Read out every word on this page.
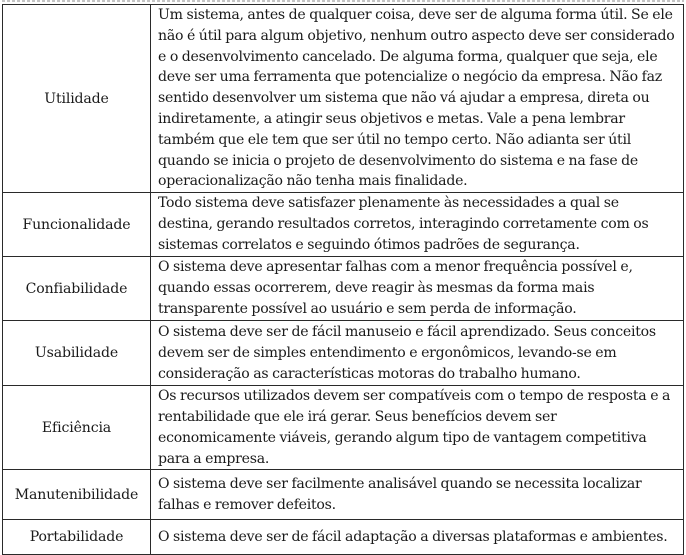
Utilidade	Um sistema, antes de qualquer coisa, deve ser de alguma forma útil. Se ele não é útil para algum objetivo, nenhum outro aspecto deve ser considerado e o desenvolvimento cancelado. De alguma forma, qualquer que seja, ele deve ser uma ferramenta que potencialize o negócio da empresa. Não faz sentido desenvolver um sistema que não vá ajudar a empresa, direta ou indiretamente, a atingir seus objetivos e metas. Vale a pena lembrar também que ele tem que ser útil no tempo certo. Não adianta ser útil quando se inicia o projeto de desenvolvimento do sistema e na fase de operacionalização não tenha mais finalidade.
Funcionalidade	Todo sistema deve satisfazer plenamente às necessidades a qual se destina, gerando resultados corretos, interagindo corretamente com os sistemas correlatos e seguindo ótimos padrões de segurança.
Confiabilidade	O sistema deve apresentar falhas com a menor frequência possível e, quando essas ocorrerem, deve reagir às mesmas da forma mais transparente possível ao usuário e sem perda de informação.
Usabilidade	O sistema deve ser de fácil manuseio e fácil aprendizado. Seus conceitos devem ser de simples entendimento e ergonômicos, levando-se em consideração as características motoras do trabalho humano.
Eficiência	Os recursos utilizados devem ser compatíveis com o tempo de resposta e a rentabilidade que ele irá gerar. Seus benefícios devem ser economicamente viáveis, gerando algum tipo de vantagem competitiva para a empresa.
Manutenibilidade	O sistema deve ser facilmente analisável quando se necessita localizar falhas e remover defeitos.
Portabilidade	O sistema deve ser de fácil adaptação a diversas plataformas e ambientes.
